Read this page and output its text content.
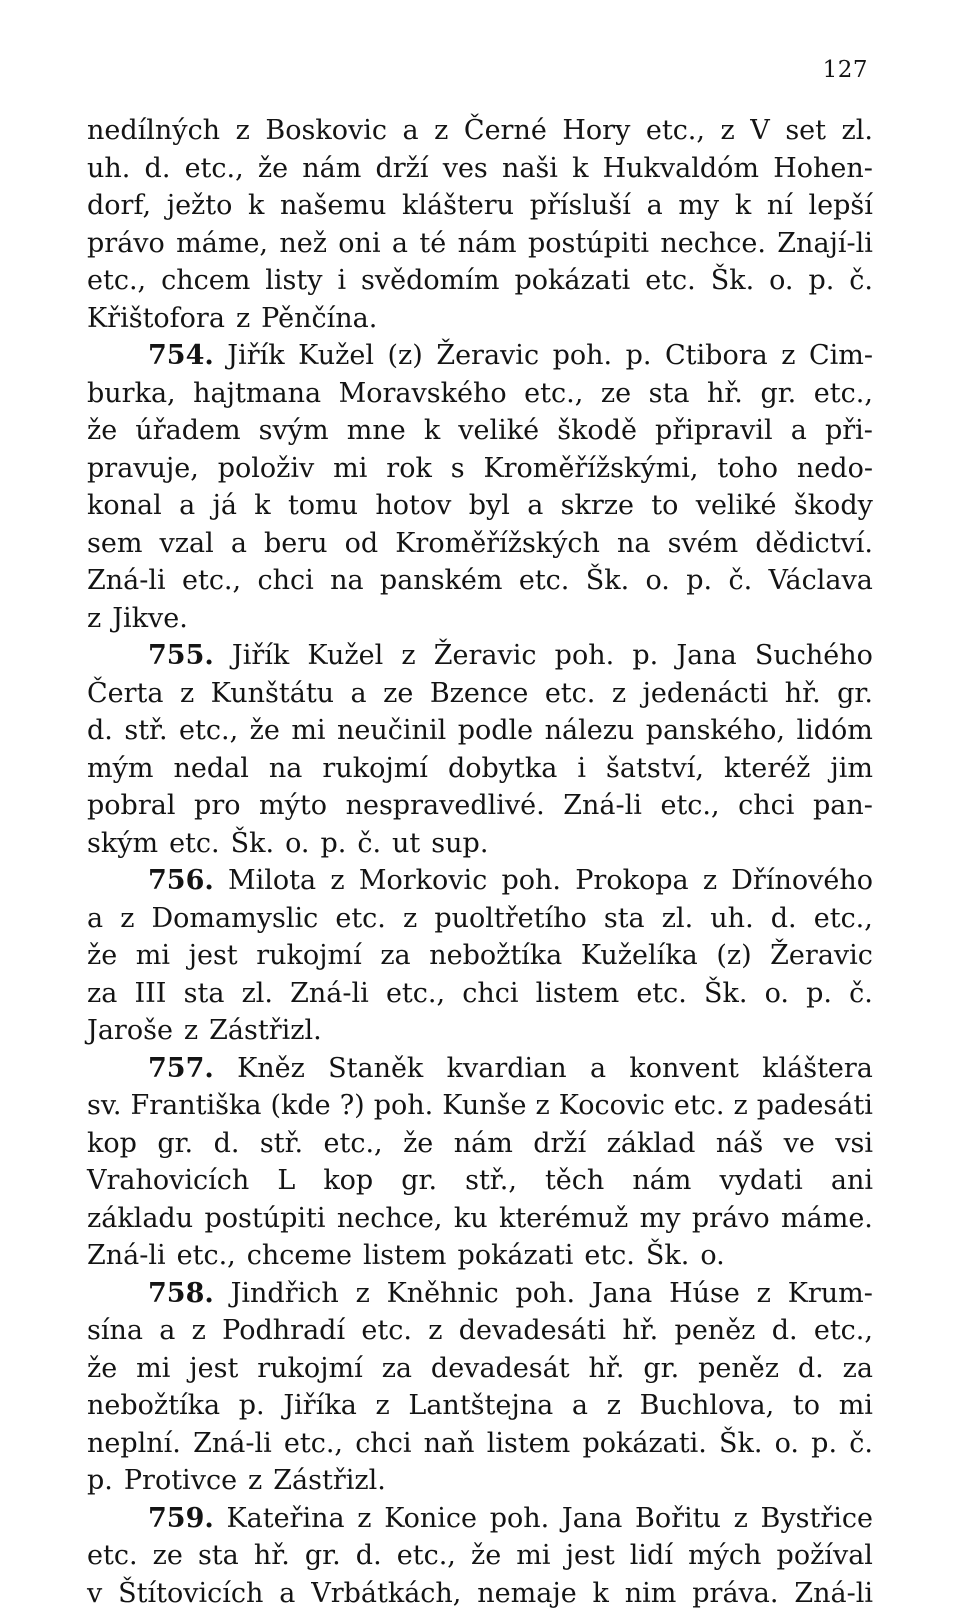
127
nedílných z Boskovic a z Černé Hory etc., z V set zl.
uh. d. etc., že nám drží ves naši k Hukvaldóm Hohen-
dorf, ježto k našemu klášteru přísluší a my k ní lepší
právo máme, než oni a té nám postúpiti nechce. Znají-li
etc., chcem listy i svědomím pokázati etc. Šk. o. p. č.
Křištofora z Pěnčína.
754. Jiřík Kužel (z) Žeravic poh. p. Ctibora z Cim-
burka, hajtmana Moravského etc., ze sta hř. gr. etc.,
že úřadem svým mne k veliké škodě připravil a při-
pravuje, položiv mi rok s Kroměřížskými, toho nedo-
konal a já k tomu hotov byl a skrze to veliké škody
sem vzal a beru od Kroměřížských na svém dědictví.
Zná-li etc., chci na panském etc. Šk. o. p. č. Václava
z Jikve.
755. Jiřík Kužel z Žeravic poh. p. Jana Suchého
Čerta z Kunštátu a ze Bzence etc. z jedenácti hř. gr.
d. stř. etc., že mi neučinil podle nálezu panského, lidóm
mým nedal na rukojmí dobytka i šatství, kteréž jim
pobral pro mýto nespravedlivé. Zná-li etc., chci pan-
ským etc. Šk. o. p. č. ut sup.
756. Milota z Morkovic poh. Prokopa z Dřínového
a z Domamyslic etc. z puoltřetího sta zl. uh. d. etc.,
že mi jest rukojmí za nebožtíka Kuželíka (z) Žeravic
za III sta zl. Zná-li etc., chci listem etc. Šk. o. p. č.
Jaroše z Zástřizl.
757. Kněz Staněk kvardian a konvent kláštera
sv. Františka (kde ?) poh. Kunše z Kocovic etc. z padesáti
kop gr. d. stř. etc., že nám drží základ náš ve vsi
Vrahovicích L kop gr. stř., těch nám vydati ani
základu postúpiti nechce, ku kterémuž my právo máme.
Zná-li etc., chceme listem pokázati etc. Šk. o.
758. Jindřich z Kněhnic poh. Jana Húse z Krum-
sína a z Podhradí etc. z devadesáti hř. peněz d. etc.,
že mi jest rukojmí za devadesát hř. gr. peněz d. za
nebožtíka p. Jiříka z Lantštejna a z Buchlova, to mi
neplní. Zná-li etc., chci naň listem pokázati. Šk. o. p. č.
p. Protivce z Zástřizl.
759. Kateřina z Konice poh. Jana Bořitu z Bystřice
etc. ze sta hř. gr. d. etc., že mi jest lidí mých požíval
v Štítovicích a Vrbátkách, nemaje k nim práva. Zná-li
